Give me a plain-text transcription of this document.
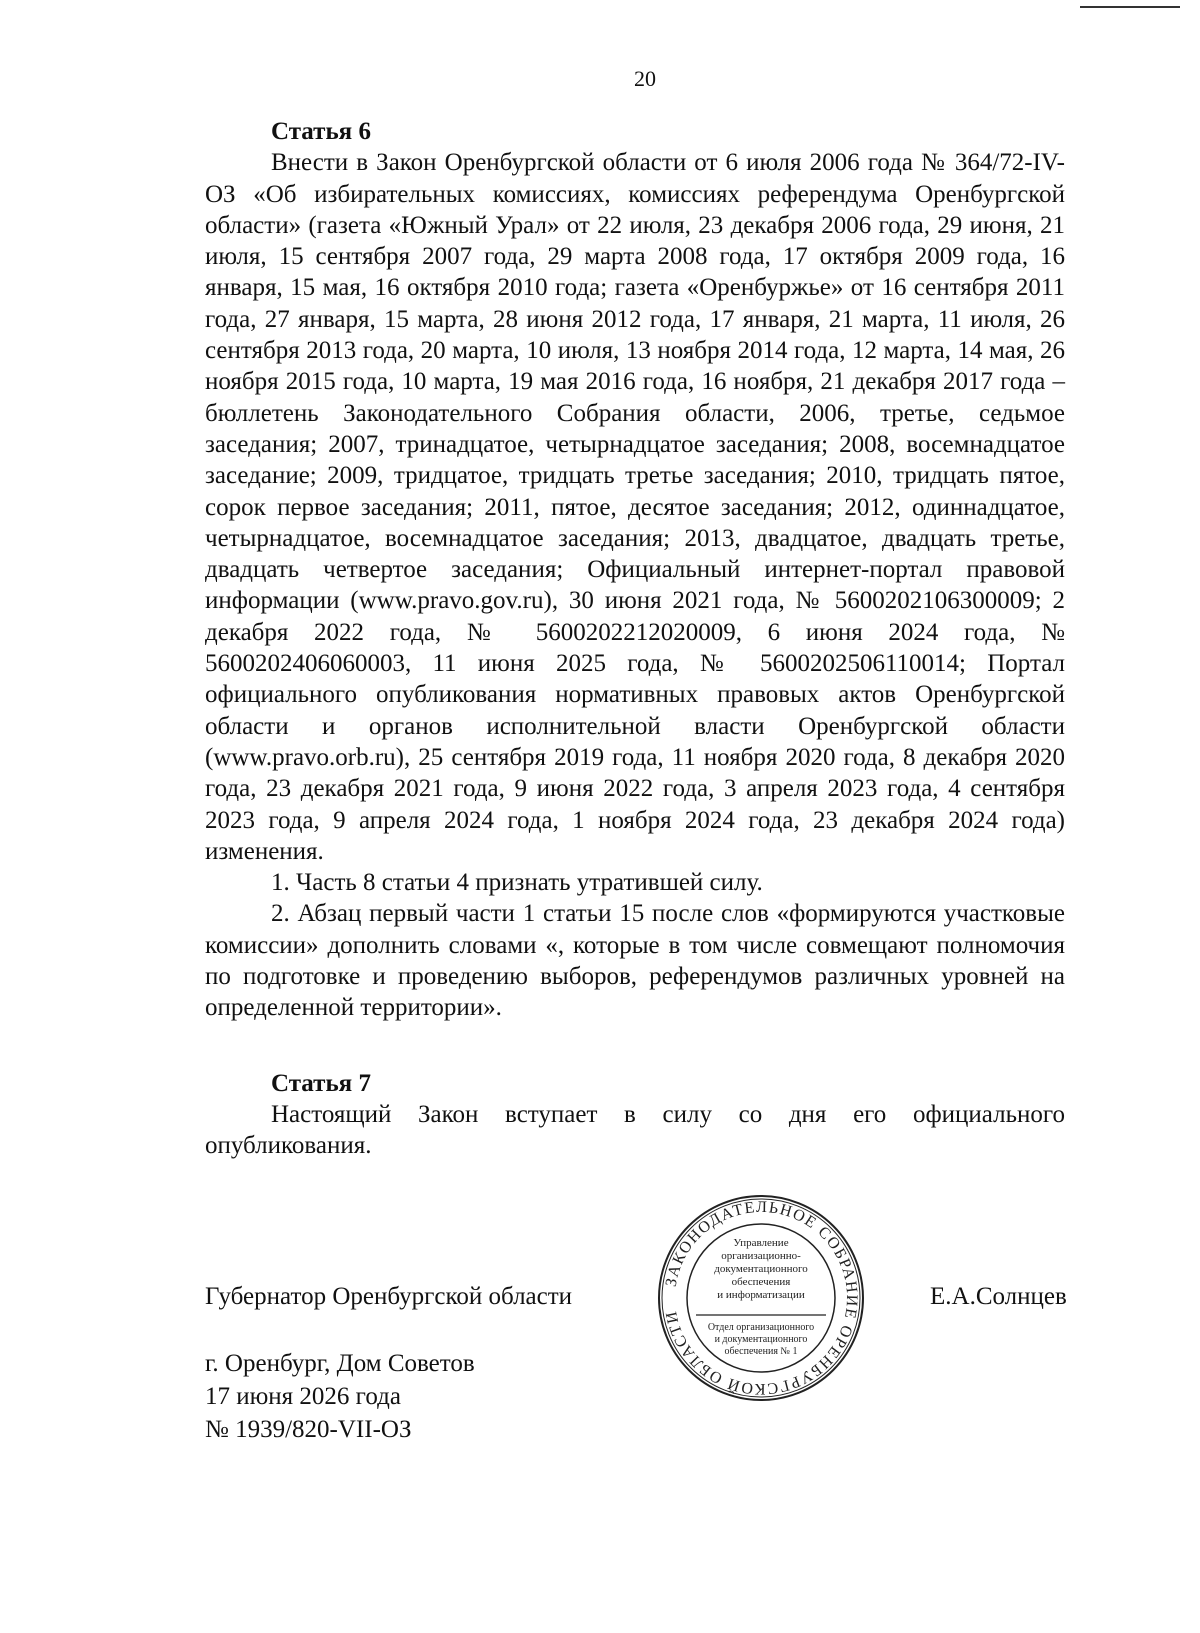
20

Статья 6

Внести в Закон Оренбургской области от 6 июля 2006 года № 364/72-IV-ОЗ «Об избирательных комиссиях, комиссиях референдума Оренбургской области» (газета «Южный Урал» от 22 июля, 23 декабря 2006 года, 29 июня, 21 июля, 15 сентября 2007 года, 29 марта 2008 года, 17 октября 2009 года, 16 января, 15 мая, 16 октября 2010 года; газета «Оренбуржье» от 16 сентября 2011 года, 27 января, 15 марта, 28 июня 2012 года, 17 января, 21 марта, 11 июля, 26 сентября 2013 года, 20 марта, 10 июля, 13 ноября 2014 года, 12 марта, 14 мая, 26 ноября 2015 года, 10 марта, 19 мая 2016 года, 16 ноября, 21 декабря 2017 года – бюллетень Законодательного Собрания области, 2006, третье, седьмое заседания; 2007, тринадцатое, четырнадцатое заседания; 2008, восемнадцатое заседание; 2009, тридцатое, тридцать третье заседания; 2010, тридцать пятое, сорок первое заседания; 2011, пятое, десятое заседания; 2012, одиннадцатое, четырнадцатое, восемнадцатое заседания; 2013, двадцатое, двадцать третье, двадцать четвертое заседания; Официальный интернет-портал правовой информации (www.pravo.gov.ru), 30 июня 2021 года, № 5600202106300009; 2 декабря 2022 года, № 5600202212020009, 6 июня 2024 года, № 5600202406060003, 11 июня 2025 года, № 5600202506110014; Портал официального опубликования нормативных правовых актов Оренбургской области и органов исполнительной власти Оренбургской области (www.pravo.orb.ru), 25 сентября 2019 года, 11 ноября 2020 года, 8 декабря 2020 года, 23 декабря 2021 года, 9 июня 2022 года, 3 апреля 2023 года, 4 сентября 2023 года, 9 апреля 2024 года, 1 ноября 2024 года, 23 декабря 2024 года) изменения.

1. Часть 8 статьи 4 признать утратившей силу.

2. Абзац первый части 1 статьи 15 после слов «формируются участковые комиссии» дополнить словами «, которые в том числе совмещают полномочия по подготовке и проведению выборов, референдумов различных уровней на определенной территории».

Статья 7

Настоящий Закон вступает в силу со дня его официального опубликования.

Губернатор Оренбургской области	Е.А.Солнцев
г. Оренбург, Дом Советов
17 июня 2026 года
№ 1939/820-VII-ОЗ
ЗАКОНОДАТЕЛЬНОЕ СОБРАНИЕ ОРЕНБУРГСКОЙ ОБЛАСТИ
Управление
организационно-
документационного
обеспечения
и информатизации
Отдел организационного
и документационного
обеспечения № 1
